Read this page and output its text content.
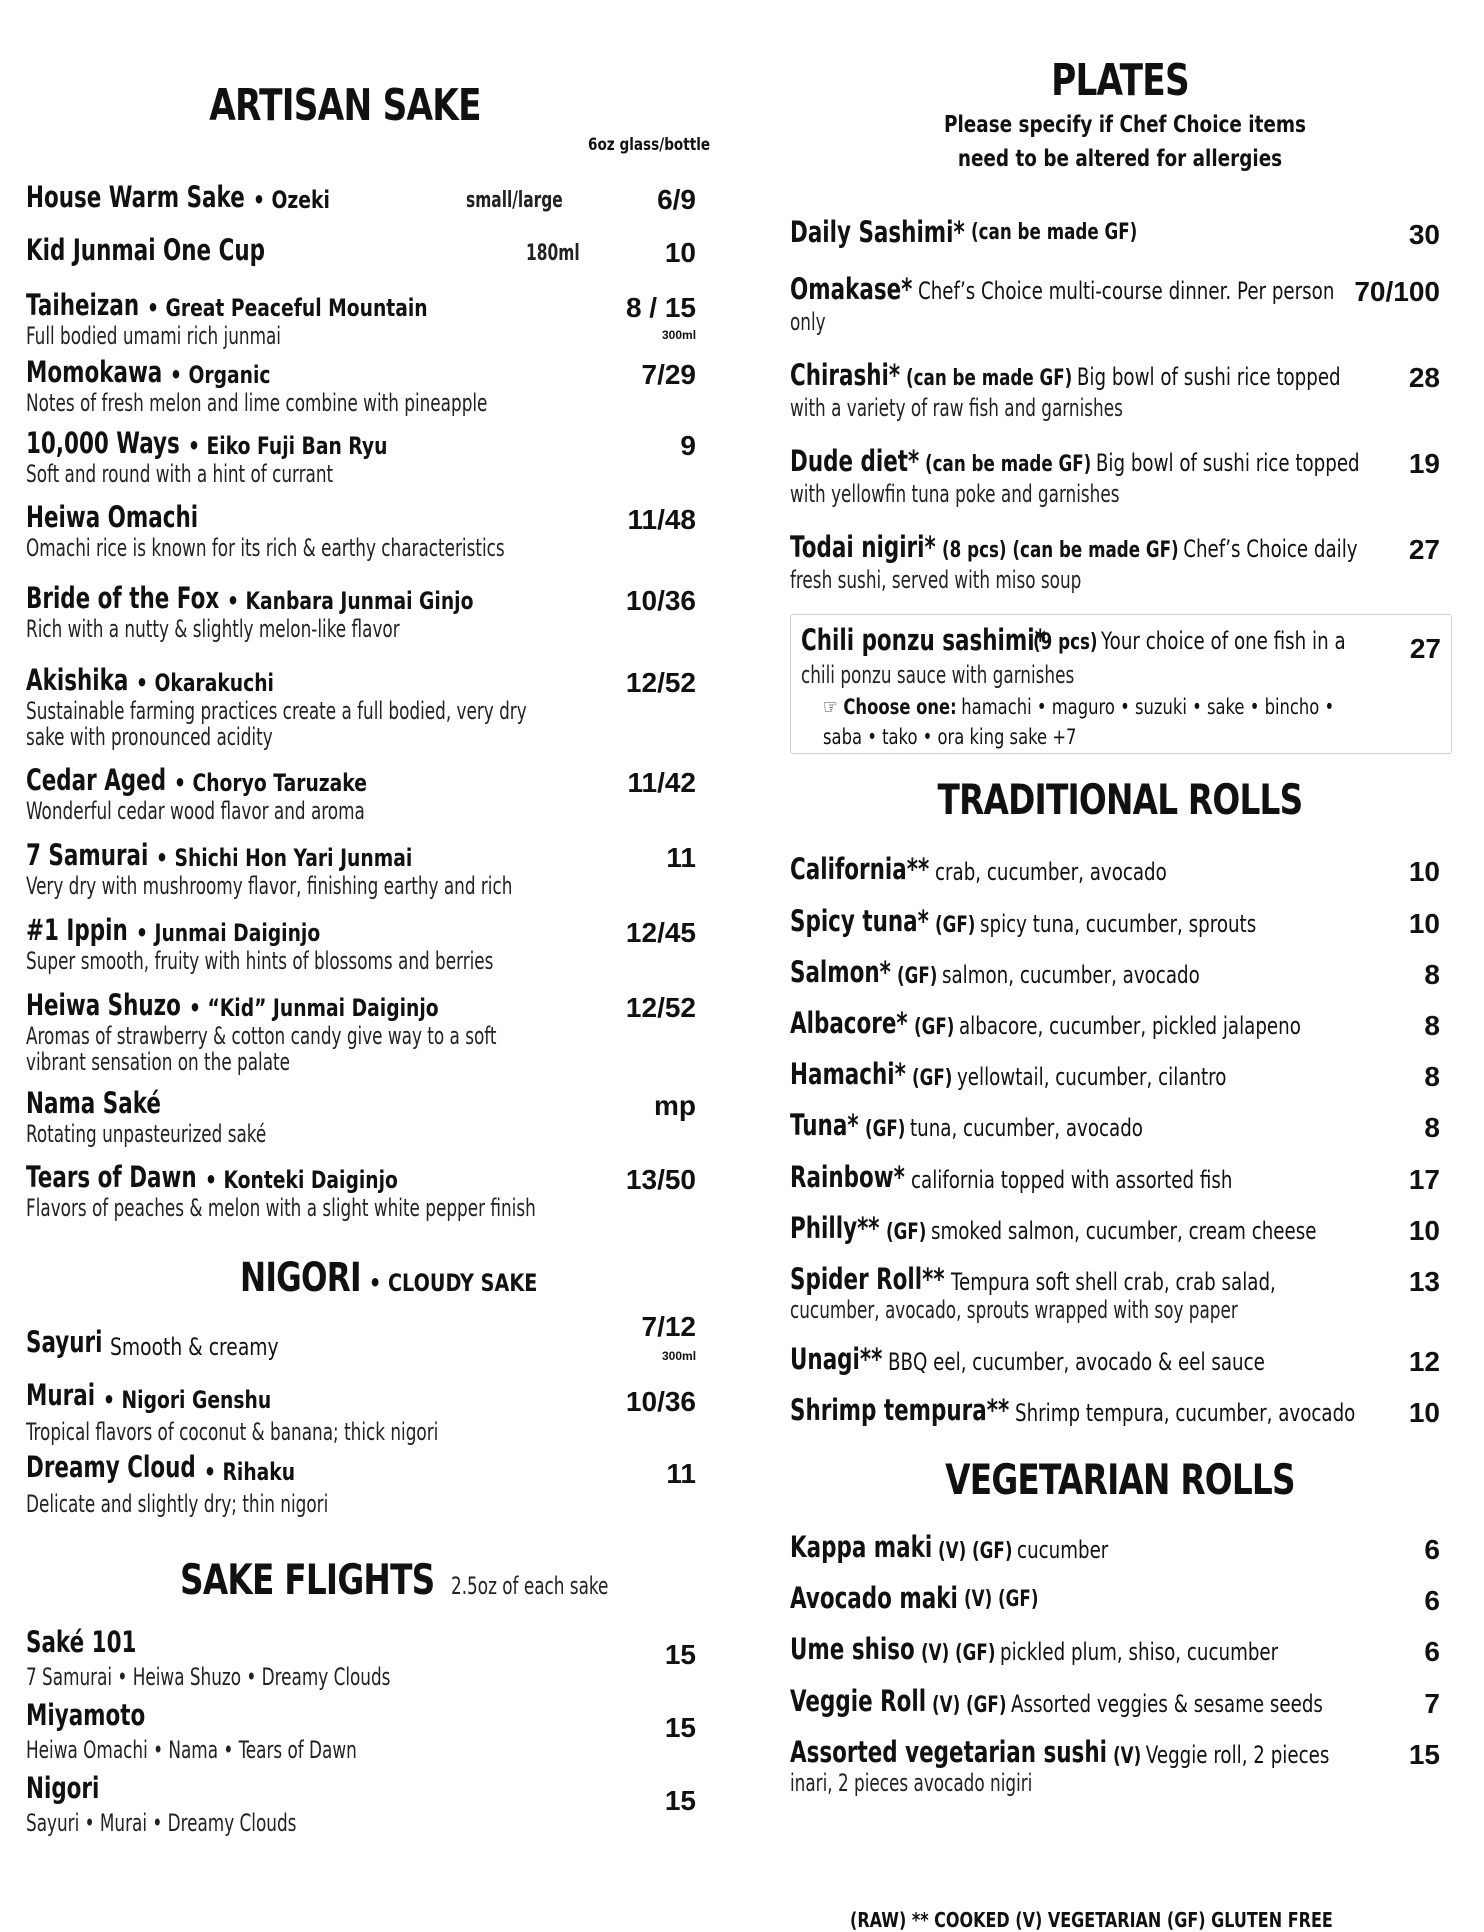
ARTISAN SAKE
6oz glass/bottle
House Warm Sake • Ozeki	small/large	6/9
Kid Junmai One Cup	180ml	10
Taiheizan • Great Peaceful Mountain
Full bodied umami rich junmai
8 / 15
300ml
Momokawa • Organic
Notes of fresh melon and lime combine with pineapple
7/29
10,000 Ways • Eiko Fuji Ban Ryu
Soft and round with a hint of currant
9
Heiwa Omachi
Omachi rice is known for its rich & earthy characteristics
11/48
Bride of the Fox • Kanbara Junmai Ginjo
Rich with a nutty & slightly melon-like flavor
10/36
Akishika • Okarakuchi
Sustainable farming practices create a full bodied, very dry
sake with pronounced acidity
12/52
Cedar Aged • Choryo Taruzake
Wonderful cedar wood flavor and aroma
11/42
7 Samurai • Shichi Hon Yari Junmai
Very dry with mushroomy flavor, finishing earthy and rich
11
#1 Ippin • Junmai Daiginjo
Super smooth, fruity with hints of blossoms and berries
12/45
Heiwa Shuzo • “Kid” Junmai Daiginjo
Aromas of strawberry & cotton candy give way to a soft
vibrant sensation on the palate
12/52
Nama Saké
Rotating unpasteurized saké
mp
Tears of Dawn • Konteki Daiginjo
Flavors of peaches & melon with a slight white pepper finish
13/50
NIGORI • CLOUDY SAKE
Sayuri Smooth & creamy
7/12
300ml
Murai • Nigori Genshu
Tropical flavors of coconut & banana; thick nigori
10/36
Dreamy Cloud • Rihaku
Delicate and slightly dry; thin nigori
11
SAKE FLIGHTS 2.5oz of each sake
Saké 101
7 Samurai • Heiwa Shuzo • Dreamy Clouds
15
Miyamoto
Heiwa Omachi • Nama • Tears of Dawn
15
Nigori
Sayuri • Murai • Dreamy Clouds
15
PLATES
Please specify if Chef Choice items
need to be altered for allergies
Daily Sashimi* (can be made GF)	30
Omakase* Chef’s Choice multi-course dinner. Per person
only
70/100
Chirashi* (can be made GF) Big bowl of sushi rice topped
with a variety of raw fish and garnishes
28
Dude diet* (can be made GF) Big bowl of sushi rice topped
with yellowfin tuna poke and garnishes
19
Todai nigiri* (8 pcs) (can be made GF) Chef’s Choice daily
fresh sushi, served with miso soup
27
Chili ponzu sashimi*
(9 pcs) Your choice of one fish in a
chili ponzu sauce with garnishes
☞ Choose one: hamachi • maguro • suzuki • sake • bincho •
saba • tako • ora king sake +7
27
TRADITIONAL ROLLS
California** crab, cucumber, avocado	10
Spicy tuna* (GF) spicy tuna, cucumber, sprouts	10
Salmon* (GF) salmon, cucumber, avocado	8
Albacore* (GF) albacore, cucumber, pickled jalapeno	8
Hamachi* (GF) yellowtail, cucumber, cilantro	8
Tuna* (GF) tuna, cucumber, avocado	8
Rainbow* california topped with assorted fish	17
Philly** (GF) smoked salmon, cucumber, cream cheese	10
Spider Roll** Tempura soft shell crab, crab salad,
cucumber, avocado, sprouts wrapped with soy paper
13
Unagi** BBQ eel, cucumber, avocado & eel sauce	12
Shrimp tempura** Shrimp tempura, cucumber, avocado	10
VEGETARIAN ROLLS
Kappa maki (V) (GF) cucumber	6
Avocado maki (V) (GF)	6
Ume shiso (V) (GF) pickled plum, shiso, cucumber	6
Veggie Roll (V) (GF) Assorted veggies & sesame seeds	7
Assorted vegetarian sushi (V) Veggie roll, 2 pieces
inari, 2 pieces avocado nigiri
15
(RAW) ** COOKED (V) VEGETARIAN (GF) GLUTEN FREE
